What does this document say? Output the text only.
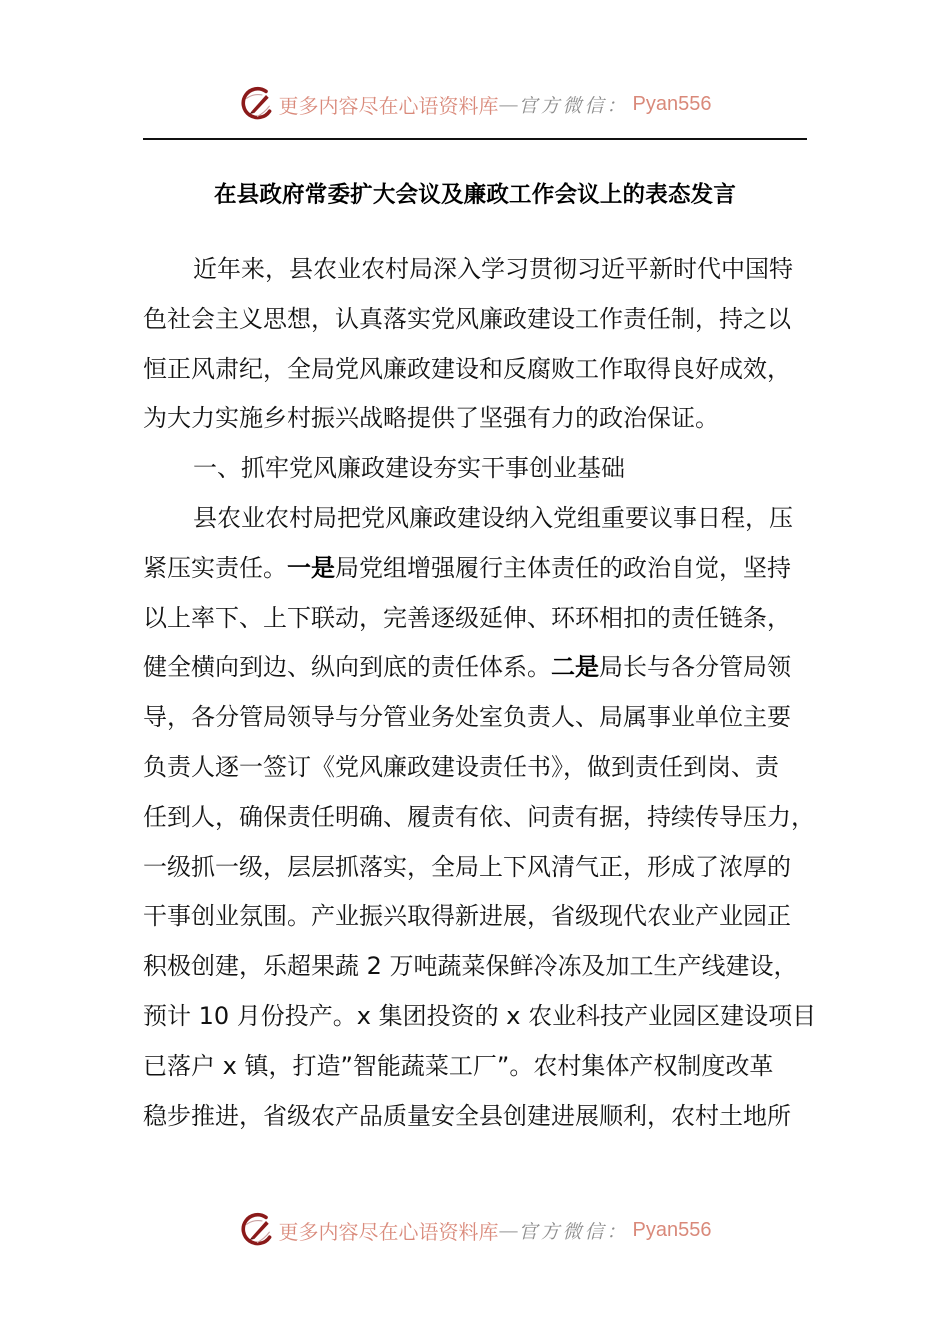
更多内容尽在心语资料库 — 官方微信： Pyan556
在县政府常委扩大会议及廉政工作会议上的表态发言
近年来，县农业农村局深入学习贯彻习近平新时代中国特
色社会主义思想，认真落实党风廉政建设工作责任制，持之以
恒正风肃纪，全局党风廉政建设和反腐败工作取得良好成效，
为大力实施乡村振兴战略提供了坚强有力的政治保证。
一、抓牢党风廉政建设夯实干事创业基础
县农业农村局把党风廉政建设纳入党组重要议事日程，压
紧压实责任。一是局党组增强履行主体责任的政治自觉，坚持
以上率下、上下联动，完善逐级延伸、环环相扣的责任链条，
健全横向到边、纵向到底的责任体系。二是局长与各分管局领
导，各分管局领导与分管业务处室负责人、局属事业单位主要
负责人逐一签订《党风廉政建设责任书》，做到责任到岗、责
任到人，确保责任明确、履责有依、问责有据，持续传导压力，
一级抓一级，层层抓落实，全局上下风清气正，形成了浓厚的
干事创业氛围。产业振兴取得新进展，省级现代农业产业园正
积极创建，乐超果蔬 2 万吨蔬菜保鲜冷冻及加工生产线建设，
预计 10 月份投产。x 集团投资的 x 农业科技产业园区建设项目
已落户 x 镇，打造”智能蔬菜工厂”。农村集体产权制度改革
稳步推进，省级农产品质量安全县创建进展顺利，农村土地所
更多内容尽在心语资料库 — 官方微信： Pyan556
